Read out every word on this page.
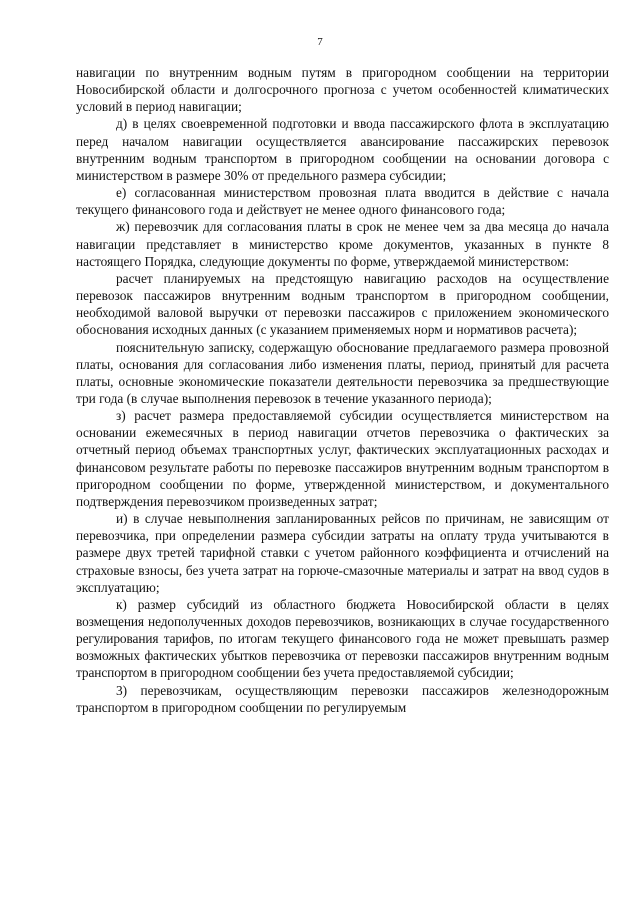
7

навигации по внутренним водным путям в пригородном сообщении на территории Новосибирской области и долгосрочного прогноза с учетом особенностей климатических условий в период навигации;

д) в целях своевременной подготовки и ввода пассажирского флота в эксплуатацию перед началом навигации осуществляется авансирование пассажирских перевозок внутренним водным транспортом в пригородном сообщении на основании договора с министерством в размере 30% от предельного размера субсидии;

е) согласованная министерством провозная плата вводится в действие с начала текущего финансового года и действует не менее одного финансового года;

ж) перевозчик для согласования платы в срок не менее чем за два месяца до начала навигации представляет в министерство кроме документов, указанных в пункте 8 настоящего Порядка, следующие документы по форме, утверждаемой министерством:

расчет планируемых на предстоящую навигацию расходов на осуществление перевозок пассажиров внутренним водным транспортом в пригородном сообщении, необходимой валовой выручки от перевозки пассажиров с приложением экономического обоснования исходных данных (с указанием применяемых норм и нормативов расчета);

пояснительную записку, содержащую обоснование предлагаемого размера провозной платы, основания для согласования либо изменения платы, период, принятый для расчета платы, основные экономические показатели деятельности перевозчика за предшествующие три года (в случае выполнения перевозок в течение указанного периода);

з) расчет размера предоставляемой субсидии осуществляется министерством на основании ежемесячных в период навигации отчетов перевозчика о фактических за отчетный период объемах транспортных услуг, фактических эксплуатационных расходах и финансовом результате работы по перевозке пассажиров внутренним водным транспортом в пригородном сообщении по форме, утвержденной министерством, и документального подтверждения перевозчиком произведенных затрат;

и) в случае невыполнения запланированных рейсов по причинам, не зависящим от перевозчика, при определении размера субсидии затраты на оплату труда учитываются в размере двух третей тарифной ставки с учетом районного коэффициента и отчислений на страховые взносы, без учета затрат на горюче-смазочные материалы и затрат на ввод судов в эксплуатацию;

к) размер субсидий из областного бюджета Новосибирской области в целях возмещения недополученных доходов перевозчиков, возникающих в случае государственного регулирования тарифов, по итогам текущего финансового года не может превышать размер возможных фактических убытков перевозчика от перевозки пассажиров внутренним водным транспортом в пригородном сообщении без учета предоставляемой субсидии;

3) перевозчикам, осуществляющим перевозки пассажиров железнодорожным транспортом в пригородном сообщении по регулируемым
